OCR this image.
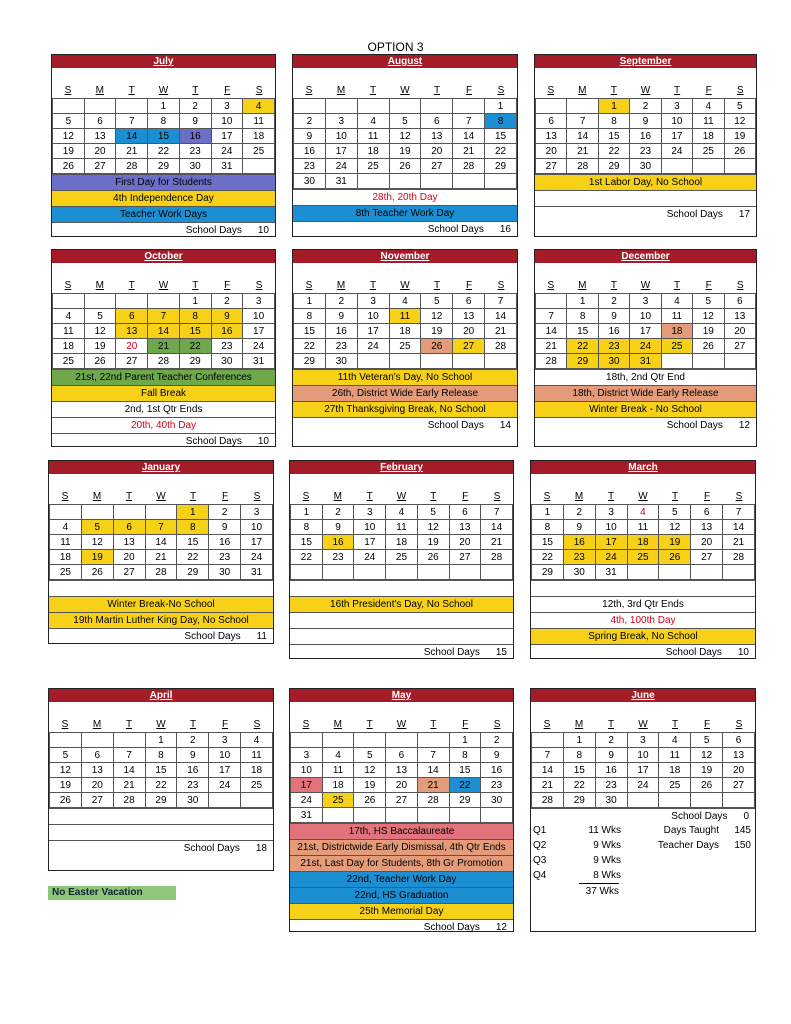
OPTION 3
July
S	M	T	W	T	F	S
			1	2	3	4
5	6	7	8	9	10	11
12	13	14	15	16	17	18
19	20	21	22	23	24	25
26	27	28	29	30	31	
First Day for Students
4th Independence Day
Teacher Work Days
School Days 10
August
S	M	T	W	T	F	S
						1
2	3	4	5	6	7	8
9	10	11	12	13	14	15
16	17	18	19	20	21	22
23	24	25	26	27	28	29
30	31					
28th, 20th Day
8th Teacher Work Day
School Days 16
September
S	M	T	W	T	F	S
		1	2	3	4	5
6	7	8	9	10	11	12
13	14	15	16	17	18	19
20	21	22	23	24	25	26
27	28	29	30			
1st Labor Day, No School
School Days 17
October
S	M	T	W	T	F	S
				1	2	3
4	5	6	7	8	9	10
11	12	13	14	15	16	17
18	19	20	21	22	23	24
25	26	27	28	29	30	31
21st, 22nd Parent Teacher Conferences
Fall Break
2nd, 1st Qtr Ends
20th, 40th Day
School Days 10
November
S	M	T	W	T	F	S
1	2	3	4	5	6	7
8	9	10	11	12	13	14
15	16	17	18	19	20	21
22	23	24	25	26	27	28
29	30					
11th Veteran's Day, No School
26th, District Wide Early Release
27th Thanksgiving Break, No School
School Days 14
December
S	M	T	W	T	F	S
	1	2	3	4	5	6
7	8	9	10	11	12	13
14	15	16	17	18	19	20
21	22	23	24	25	26	27
28	29	30	31			
18th, 2nd Qtr End
18th, District Wide Early Release
Winter Break - No School
School Days 12
January
S	M	T	W	T	F	S
				1	2	3
4	5	6	7	8	9	10
11	12	13	14	15	16	17
18	19	20	21	22	23	24
25	26	27	28	29	30	31
Winter Break-No School
19th Martin Luther King Day, No School
School Days 11
February
S	M	T	W	T	F	S
1	2	3	4	5	6	7
8	9	10	11	12	13	14
15	16	17	18	19	20	21
22	23	24	25	26	27	28

16th President's Day, No School
School Days 15
March
S	M	T	W	T	F	S
1	2	3	4	5	6	7
8	9	10	11	12	13	14
15	16	17	18	19	20	21
22	23	24	25	26	27	28
29	30	31				
12th, 3rd Qtr Ends
4th, 100th Day
Spring Break, No School
School Days 10
April
S	M	T	W	T	F	S
			1	2	3	4
5	6	7	8	9	10	11
12	13	14	15	16	17	18
19	20	21	22	23	24	25
26	27	28	29	30		
School Days 18
May
S	M	T	W	T	F	S
					1	2
3	4	5	6	7	8	9
10	11	12	13	14	15	16
17	18	19	20	21	22	23
24	25	26	27	28	29	30
31						
17th, HS Baccalaureate
21st, Districtwide Early Dismissal, 4th Qtr Ends
21st, Last Day for Students, 8th Gr Promotion
22nd, Teacher Work Day
22nd, HS Graduation
25th Memorial Day
School Days 12
June
S	M	T	W	T	F	S
	1	2	3	4	5	6
7	8	9	10	11	12	13
14	15	16	17	18	19	20
21	22	23	24	25	26	27
28	29	30				
School Days 0
Q1	11 Wks	Days Taught	145
Q2	9 Wks	Teacher Days	150
Q3	9 Wks
Q4	8 Wks
37 Wks
No Easter Vacation
